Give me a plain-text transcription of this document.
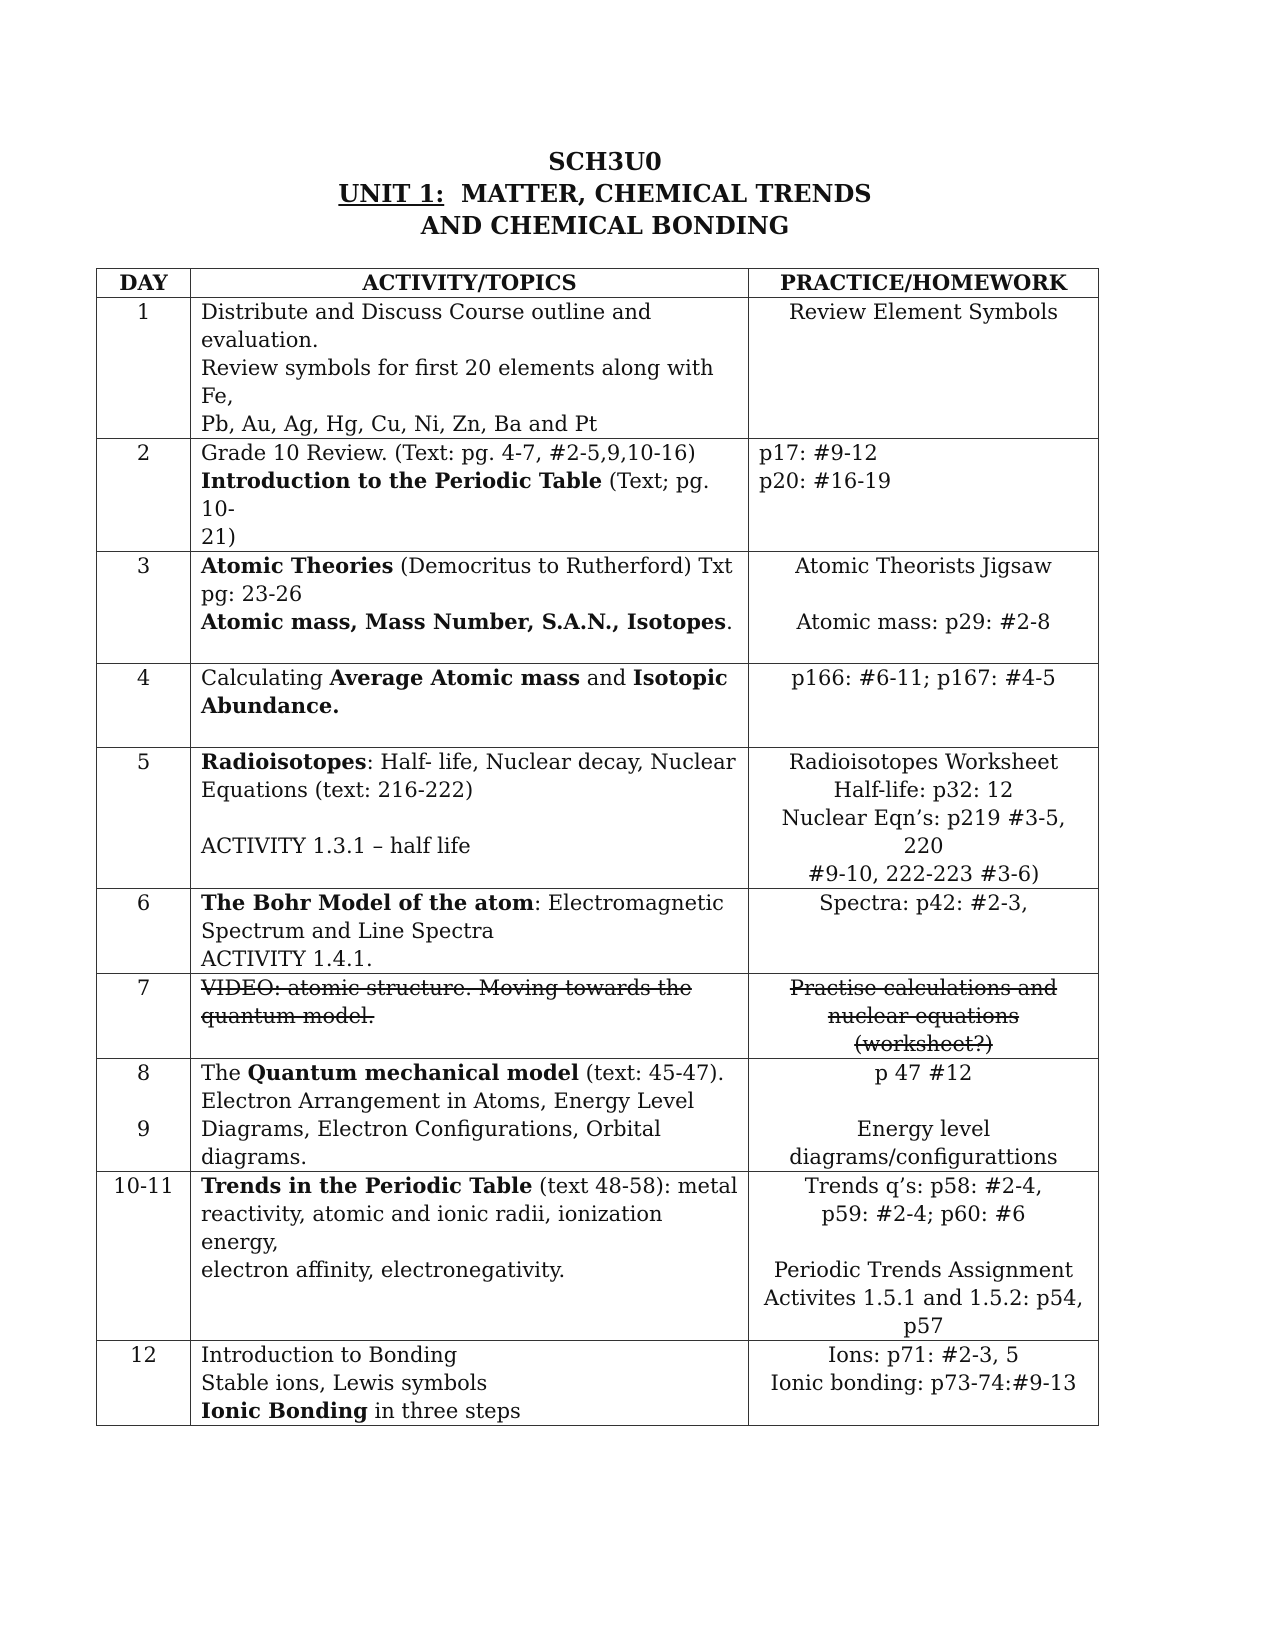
SCH3U0
UNIT 1: MATTER, CHEMICAL TRENDS
AND CHEMICAL BONDING
DAY	ACTIVITY/TOPICS	PRACTICE/HOMEWORK
1	Distribute and Discuss Course outline and
evaluation.
Review symbols for first 20 elements along with Fe,
Pb, Au, Ag, Hg, Cu, Ni, Zn, Ba and Pt	Review Element Symbols

2	Grade 10 Review. (Text: pg. 4-7, #2-5,9,10-16)
Introduction to the Periodic Table (Text; pg. 10-
21)	p17: #9-12
p20: #16-19

3	Atomic Theories (Democritus to Rutherford) Txt
pg: 23-26
Atomic mass, Mass Number, S.A.N., Isotopes.	Atomic Theorists Jigsaw
Atomic mass: p29: #2-8

4	Calculating Average Atomic mass and Isotopic
Abundance.	p166: #6-11; p167: #4-5

5	Radioisotopes: Half- life, Nuclear decay, Nuclear
Equations (text: 216-222)
ACTIVITY 1.3.1 – half life	Radioisotopes Worksheet
Half-life: p32: 12
Nuclear Eqn’s: p219 #3-5, 220
#9-10, 222-223 #3-6)

6	The Bohr Model of the atom: Electromagnetic
Spectrum and Line Spectra
ACTIVITY 1.4.1.	Spectra: p42: #2-3,

7	VIDEO: atomic structure. Moving towards the
quantum model.	Practise calculations and
nuclear equations
(worksheet?)

8
9	The Quantum mechanical model (text: 45-47).
Electron Arrangement in Atoms, Energy Level
Diagrams, Electron Configurations, Orbital diagrams.	p 47 #12
Energy level
diagrams/configurattions

10-11	Trends in the Periodic Table (text 48-58): metal
reactivity, atomic and ionic radii, ionization energy,
electron affinity, electronegativity.	Trends q’s: p58: #2-4,
p59: #2-4; p60: #6
Periodic Trends Assignment
Activites 1.5.1 and 1.5.2: p54,
p57

12	Introduction to Bonding
Stable ions, Lewis symbols
Ionic Bonding in three steps	Ions: p71: #2-3, 5
Ionic bonding: p73-74:#9-13
